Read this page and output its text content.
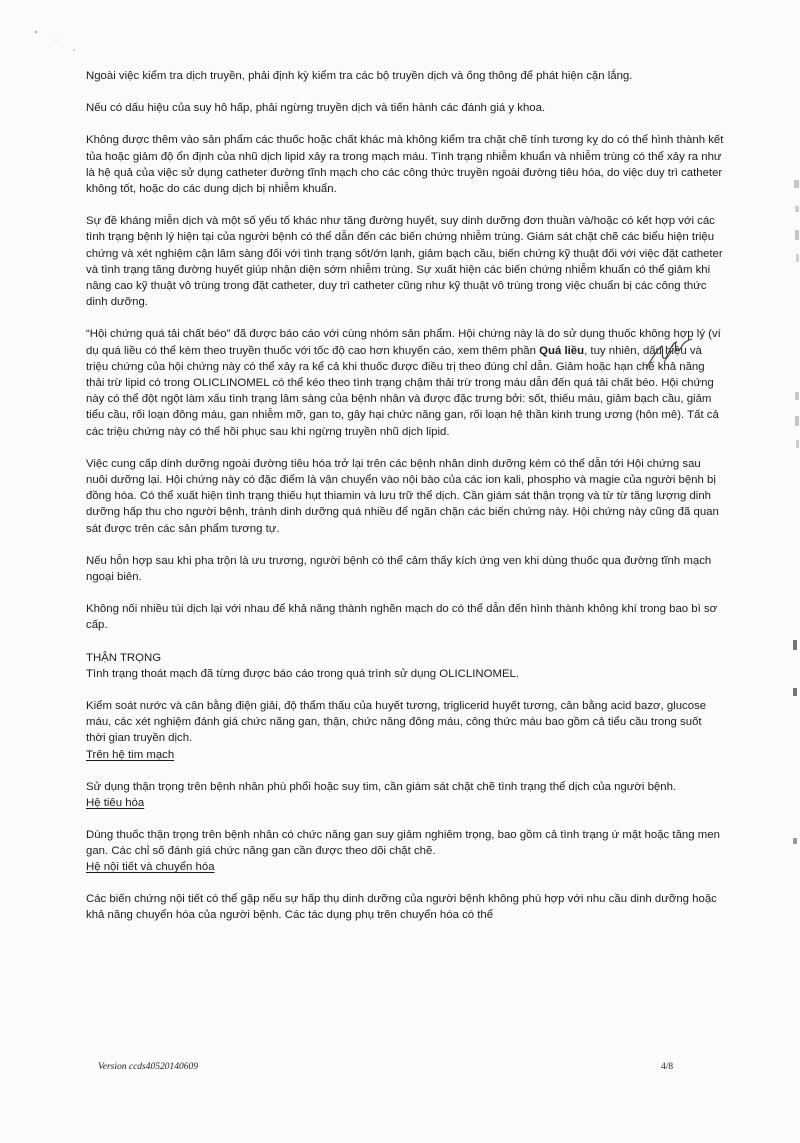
Ngoài việc kiểm tra dịch truyền, phải định kỳ kiểm tra các bộ truyền dịch và ống thông để phát hiện cặn lắng.

Nếu có dấu hiệu của suy hô hấp, phải ngừng truyền dịch và tiến hành các đánh giá y khoa.

Không được thêm vào sản phẩm các thuốc hoặc chất khác mà không kiểm tra chặt chẽ tính tương kỵ do có thể hình thành kết tủa hoặc giảm độ ổn định của nhũ dịch lipid xảy ra trong mạch máu. Tình trạng nhiễm khuẩn và nhiễm trùng có thể xảy ra như là hệ quả của việc sử dụng catheter đường tĩnh mạch cho các công thức truyền ngoài đường tiêu hóa, do việc duy trì catheter không tốt, hoặc do các dung dịch bị nhiễm khuẩn.

Sự đề kháng miễn dịch và một số yếu tố khác như tăng đường huyết, suy dinh dưỡng đơn thuần và/hoặc có kết hợp với các tình trạng bệnh lý hiện tại của người bệnh có thể dẫn đến các biến chứng nhiễm trùng. Giám sát chặt chẽ các biểu hiện triệu chứng và xét nghiệm cận lâm sàng đối với tình trạng sốt/ớn lạnh, giảm bạch cầu, biến chứng kỹ thuật đối với việc đặt catheter và tình trạng tăng đường huyết giúp nhận diện sớm nhiễm trùng. Sự xuất hiện các biến chứng nhiễm khuẩn có thể giảm khi nâng cao kỹ thuật vô trùng trong đặt catheter, duy trì catheter cũng như kỹ thuật vô trùng trong việc chuẩn bị các công thức dinh dưỡng.

“Hội chứng quá tải chất béo” đã được báo cáo với cùng nhóm sản phẩm. Hội chứng này là do sử dụng thuốc không hợp lý (ví dụ quá liều có thể kèm theo truyền thuốc với tốc độ cao hơn khuyến cáo, xem thêm phần Quá liều, tuy nhiên, dấu hiệu và triệu chứng của hội chứng này có thể xảy ra kể cả khi thuốc được điều trị theo đúng chỉ dẫn. Giảm hoặc hạn chế khả năng thải trừ lipid có trong OLICLINOMEL có thể kéo theo tình trạng chậm thải trừ trong máu dẫn đến quá tải chất béo. Hội chứng này có thể đột ngột làm xấu tình trạng lâm sàng của bệnh nhân và được đặc trưng bởi: sốt, thiếu máu, giảm bạch cầu, giảm tiểu cầu, rối loạn đông máu, gan nhiễm mỡ, gan to, gây hại chức năng gan, rối loạn hệ thần kinh trung ương (hôn mê). Tất cả các triệu chứng này có thể hồi phục sau khi ngừng truyền nhũ dịch lipid.

Việc cung cấp dinh dưỡng ngoài đường tiêu hóa trở lại trên các bệnh nhân dinh dưỡng kém có thể dẫn tới Hội chứng sau nuôi dưỡng lại. Hội chứng này có đặc điểm là vận chuyển vào nội bào của các ion kali, phospho và magie của người bệnh bị đồng hóa. Có thể xuất hiện tình trạng thiếu hụt thiamin và lưu trữ thể dịch. Cần giám sát thận trọng và từ từ tăng lượng dinh dưỡng hấp thu cho người bệnh, tránh dinh dưỡng quá nhiều để ngăn chặn các biến chứng này. Hội chứng này cũng đã quan sát được trên các sản phẩm tương tự.

Nếu hỗn hợp sau khi pha trộn là ưu trương, người bệnh có thể cảm thấy kích ứng ven khi dùng thuốc qua đường tĩnh mạch ngoại biên.

Không nối nhiều túi dịch lại với nhau để khả năng thành nghẽn mạch do có thể dẫn đến hình thành không khí trong bao bì sơ cấp.

THẬN TRỌNG

Tình trạng thoát mạch đã từng được báo cáo trong quá trình sử dụng OLICLINOMEL.

Kiểm soát nước và cân bằng điện giải, độ thẩm thấu của huyết tương, triglicerid huyết tương, cân bằng acid bazơ, glucose máu, các xét nghiệm đánh giá chức năng gan, thận, chức năng đông máu, công thức máu bao gồm cả tiểu cầu trong suốt thời gian truyền dịch.

Trên hệ tim mạch

Sử dụng thận trọng trên bệnh nhân phù phổi hoặc suy tim, cần giám sát chặt chẽ tình trạng thể dịch của người bệnh.

Hệ tiêu hóa

Dùng thuốc thận trọng trên bệnh nhân có chức năng gan suy giảm nghiêm trọng, bao gồm cả tình trạng ứ mật hoặc tăng men gan. Các chỉ số đánh giá chức năng gan cần được theo dõi chặt chẽ.

Hệ nội tiết và chuyển hóa

Các biến chứng nội tiết có thể gặp nếu sự hấp thụ dinh dưỡng của người bệnh không phù hợp với nhu cầu dinh dưỡng hoặc khả năng chuyển hóa của người bệnh. Các tác dụng phụ trên chuyển hóa có thể

Version ccds40520140609	4/8
